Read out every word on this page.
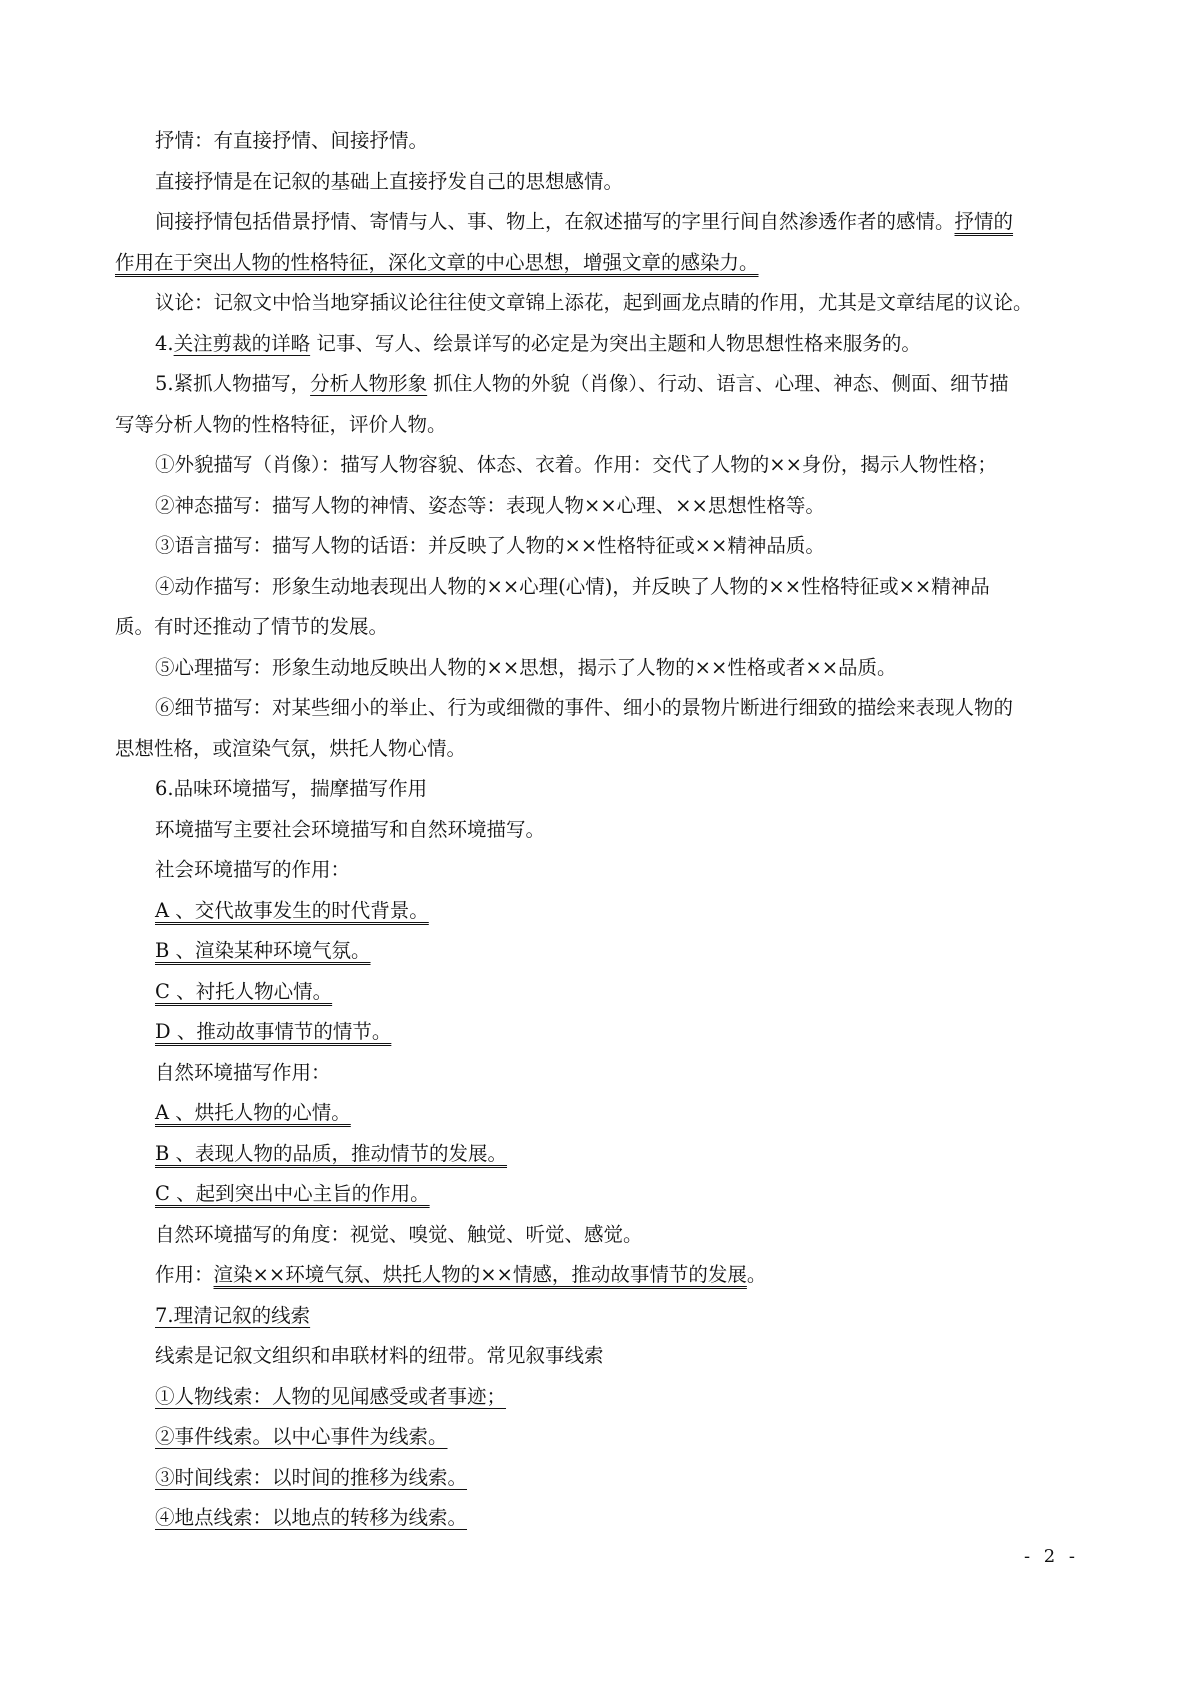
抒情：有直接抒情、间接抒情。
直接抒情是在记叙的基础上直接抒发自己的思想感情。
间接抒情包括借景抒情、寄情与人、事、物上，在叙述描写的字里行间自然渗透作者的感情。抒情的
作用在于突出人物的性格特征，深化文章的中心思想，增强文章的感染力。
议论：记叙文中恰当地穿插议论往往使文章锦上添花，起到画龙点睛的作用，尤其是文章结尾的议论。
4.关注剪裁的详略 记事、写人、绘景详写的必定是为突出主题和人物思想性格来服务的。
5.紧抓人物描写，分析人物形象 抓住人物的外貌（肖像）、行动、语言、心理、神态、侧面、细节描
写等分析人物的性格特征，评价人物。
①外貌描写（肖像）：描写人物容貌、体态、衣着。作用：交代了人物的××身份，揭示人物性格；
②神态描写：描写人物的神情、姿态等：表现人物××心理、××思想性格等。
③语言描写：描写人物的话语：并反映了人物的××性格特征或××精神品质。
④动作描写：形象生动地表现出人物的××心理(心情)，并反映了人物的××性格特征或××精神品
质。有时还推动了情节的发展。
⑤心理描写：形象生动地反映出人物的××思想，揭示了人物的××性格或者××品质。
⑥细节描写：对某些细小的举止、行为或细微的事件、细小的景物片断进行细致的描绘来表现人物的
思想性格，或渲染气氛，烘托人物心情。
6.品味环境描写，揣摩描写作用
环境描写主要社会环境描写和自然环境描写。
社会环境描写的作用：
A 、交代故事发生的时代背景。
B 、渲染某种环境气氛。
C 、衬托人物心情。
D 、推动故事情节的情节。
自然环境描写作用：
A 、烘托人物的心情。
B 、表现人物的品质，推动情节的发展。
C 、起到突出中心主旨的作用。
自然环境描写的角度：视觉、嗅觉、触觉、听觉、感觉。
作用：渲染××环境气氛、烘托人物的××情感，推动故事情节的发展。
7.理清记叙的线索
线索是记叙文组织和串联材料的纽带。常见叙事线索
①人物线索：人物的见闻感受或者事迹；
②事件线索。以中心事件为线索。
③时间线索：以时间的推移为线索。
④地点线索：以地点的转移为线索。
- 2 -
